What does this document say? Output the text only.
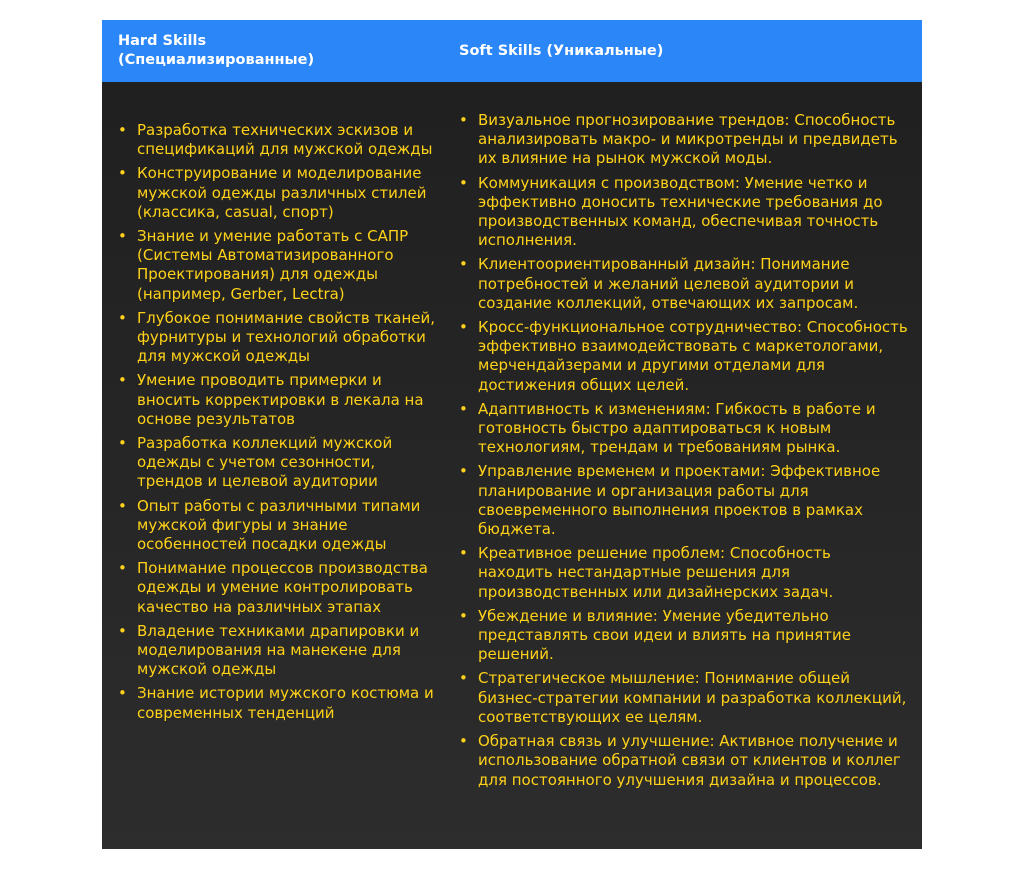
Hard Skills
(Специализированные)
Soft Skills (Уникальные)
• Разработка технических эскизов и спецификаций для мужской одежды
• Конструирование и моделирование мужской одежды различных стилей (классика, casual, спорт)
• Знание и умение работать с САПР (Системы Автоматизированного Проектирования) для одежды (например, Gerber, Lectra)
• Глубокое понимание свойств тканей, фурнитуры и технологий обработки для мужской одежды
• Умение проводить примерки и вносить корректировки в лекала на основе результатов
• Разработка коллекций мужской одежды с учетом сезонности, трендов и целевой аудитории
• Опыт работы с различными типами мужской фигуры и знание особенностей посадки одежды
• Понимание процессов производства одежды и умение контролировать качество на различных этапах
• Владение техниками драпировки и моделирования на манекене для мужской одежды
• Знание истории мужского костюма и современных тенденций
• Визуальное прогнозирование трендов: Способность анализировать макро- и микротренды и предвидеть их влияние на рынок мужской моды.
• Коммуникация с производством: Умение четко и эффективно доносить технические требования до производственных команд, обеспечивая точность исполнения.
• Клиентоориентированный дизайн: Понимание потребностей и желаний целевой аудитории и создание коллекций, отвечающих их запросам.
• Кросс-функциональное сотрудничество: Способность эффективно взаимодействовать с маркетологами, мерчендайзерами и другими отделами для достижения общих целей.
• Адаптивность к изменениям: Гибкость в работе и готовность быстро адаптироваться к новым технологиям, трендам и требованиям рынка.
• Управление временем и проектами: Эффективное планирование и организация работы для своевременного выполнения проектов в рамках бюджета.
• Креативное решение проблем: Способность находить нестандартные решения для производственных или дизайнерских задач.
• Убеждение и влияние: Умение убедительно представлять свои идеи и влиять на принятие решений.
• Стратегическое мышление: Понимание общей бизнес-стратегии компании и разработка коллекций, соответствующих ее целям.
• Обратная связь и улучшение: Активное получение и использование обратной связи от клиентов и коллег для постоянного улучшения дизайна и процессов.
